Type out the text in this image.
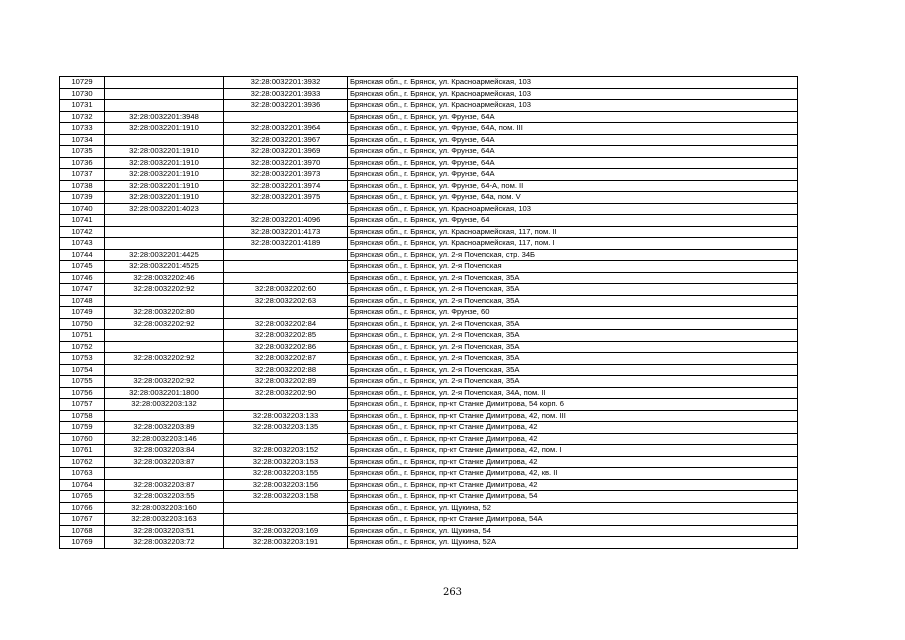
10729		32:28:0032201:3932	Брянская обл., г. Брянск, ул. Красноармейская, 103
10730		32:28:0032201:3933	Брянская обл., г. Брянск, ул. Красноармейская, 103
10731		32:28:0032201:3936	Брянская обл., г. Брянск, ул. Красноармейская, 103
10732	32:28:0032201:3948		Брянская обл., г. Брянск, ул. Фрунзе, 64А
10733	32:28:0032201:1910	32:28:0032201:3964	Брянская обл., г. Брянск, ул. Фрунзе, 64А, пом. III
10734		32:28:0032201:3967	Брянская обл., г. Брянск, ул. Фрунзе, 64А
10735	32:28:0032201:1910	32:28:0032201:3969	Брянская обл., г. Брянск, ул. Фрунзе, 64А
10736	32:28:0032201:1910	32:28:0032201:3970	Брянская обл., г. Брянск, ул. Фрунзе, 64А
10737	32:28:0032201:1910	32:28:0032201:3973	Брянская обл., г. Брянск, ул. Фрунзе, 64А
10738	32:28:0032201:1910	32:28:0032201:3974	Брянская обл., г. Брянск, ул. Фрунзе, 64-А, пом. II
10739	32:28:0032201:1910	32:28:0032201:3975	Брянская обл., г. Брянск, ул. Фрунзе, 64а, пом. V
10740	32:28:0032201:4023		Брянская обл., г. Брянск, ул. Красноармейская, 103
10741		32:28:0032201:4096	Брянская обл., г. Брянск, ул. Фрунзе, 64
10742		32:28:0032201:4173	Брянская обл., г. Брянск, ул. Красноармейская, 117, пом. II
10743		32:28:0032201:4189	Брянская обл., г. Брянск, ул. Красноармейская, 117, пом. I
10744	32:28:0032201:4425		Брянская обл., г. Брянск, ул. 2-я Почепская, стр. 34Б
10745	32:28:0032201:4525		Брянская обл., г. Брянск, ул. 2-я Почепская
10746	32:28:0032202:46		Брянская обл., г. Брянск, ул. 2-я Почепская, 35А
10747	32:28:0032202:92	32:28:0032202:60	Брянская обл., г. Брянск, ул. 2-я Почепская, 35А
10748		32:28:0032202:63	Брянская обл., г. Брянск, ул. 2-я Почепская, 35А
10749	32:28:0032202:80		Брянская обл., г. Брянск, ул. Фрунзе, 60
10750	32:28:0032202:92	32:28:0032202:84	Брянская обл., г. Брянск, ул. 2-я Почепская, 35А
10751		32:28:0032202:85	Брянская обл., г. Брянск, ул. 2-я Почепская, 35А
10752		32:28:0032202:86	Брянская обл., г. Брянск, ул. 2-я Почепская, 35А
10753	32:28:0032202:92	32:28:0032202:87	Брянская обл., г. Брянск, ул. 2-я Почепская, 35А
10754		32:28:0032202:88	Брянская обл., г. Брянск, ул. 2-я Почепская, 35А
10755	32:28:0032202:92	32:28:0032202:89	Брянская обл., г. Брянск, ул. 2-я Почепская, 35А
10756	32:28:0032201:1800	32:28:0032202:90	Брянская обл., г. Брянск, ул. 2-я Почепская, 34А, пом. II
10757	32:28:0032203:132		Брянская обл., г. Брянск, пр-кт Станке Димитрова, 54 корп. 6
10758		32:28:0032203:133	Брянская обл., г. Брянск, пр-кт Станке Димитрова, 42, пом. III
10759	32:28:0032203:89	32:28:0032203:135	Брянская обл., г. Брянск, пр-кт Станке Димитрова, 42
10760	32:28:0032203:146		Брянская обл., г. Брянск, пр-кт Станке Димитрова, 42
10761	32:28:0032203:84	32:28:0032203:152	Брянская обл., г. Брянск, пр-кт Станке Димитрова, 42, пом. I
10762	32:28:0032203:87	32:28:0032203:153	Брянская обл., г. Брянск, пр-кт Станке Димитрова, 42
10763		32:28:0032203:155	Брянская обл., г. Брянск, пр-кт Станке Димитрова, 42, кв. II
10764	32:28:0032203:87	32:28:0032203:156	Брянская обл., г. Брянск, пр-кт Станке Димитрова, 42
10765	32:28:0032203:55	32:28:0032203:158	Брянская обл., г. Брянск, пр-кт Станке Димитрова, 54
10766	32:28:0032203:160		Брянская обл., г. Брянск, ул. Щукина, 52
10767	32:28:0032203:163		Брянская обл., г. Брянск, пр-кт Станке Димитрова, 54А
10768	32:28:0032203:51	32:28:0032203:169	Брянская обл., г. Брянск, ул. Щукина, 54
10769	32:28:0032203:72	32:28:0032203:191	Брянская обл., г. Брянск, ул. Щукина, 52А
263
